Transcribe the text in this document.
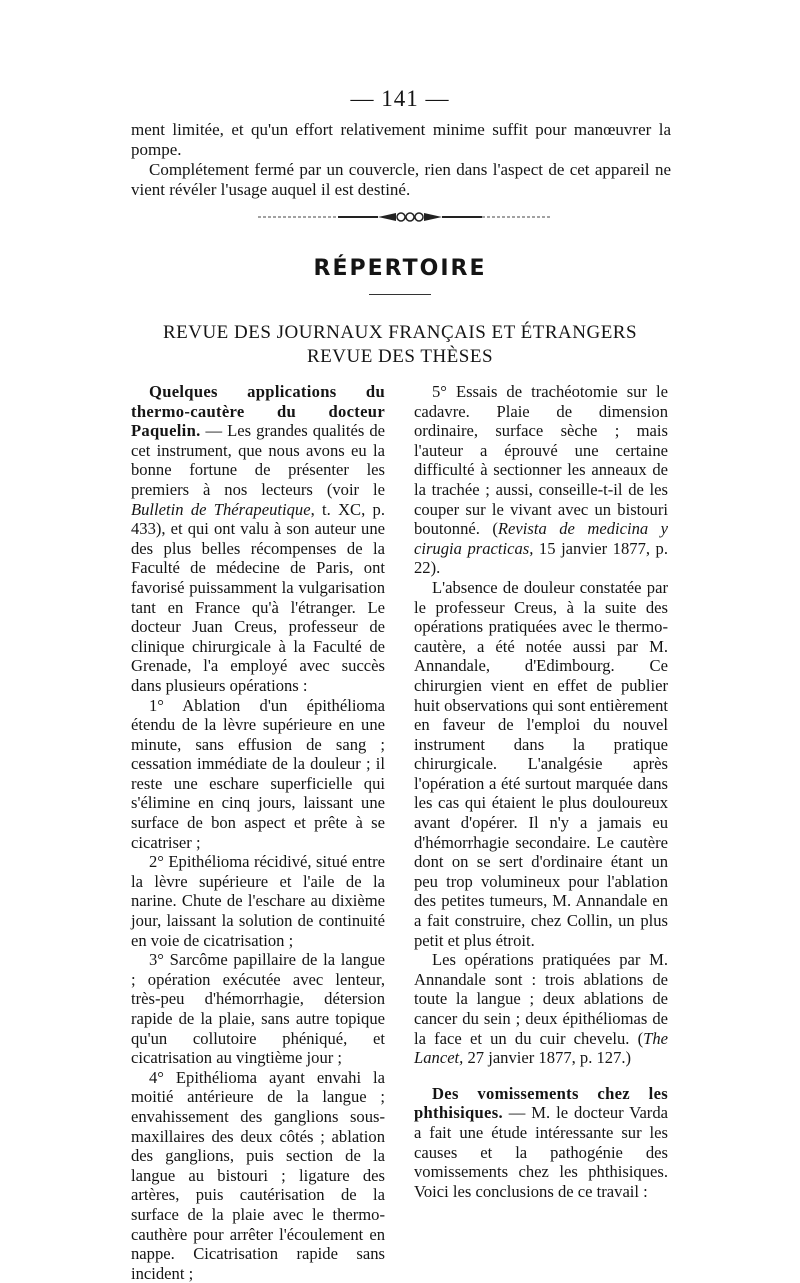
— 141 —

ment limitée, et qu'un effort relativement minime suffit pour manœuvrer la pompe.

Complétement fermé par un couvercle, rien dans l'aspect de cet appareil ne vient révéler l'usage auquel il est destiné.

RÉPERTOIRE
REVUE DES JOURNAUX FRANÇAIS ET ÉTRANGERS
REVUE DES THÈSES

Quelques applications du thermo-cautère du docteur Paquelin. — Les grandes qualités de cet instrument, que nous avons eu la bonne fortune de présenter les premiers à nos lecteurs (voir le Bulletin de Thérapeutique, t. XC, p. 433), et qui ont valu à son auteur une des plus belles récompenses de la Faculté de médecine de Paris, ont favorisé puissamment la vulgarisation tant en France qu'à l'étranger. Le docteur Juan Creus, professeur de clinique chirurgicale à la Faculté de Grenade, l'a employé avec succès dans plusieurs opérations :

1° Ablation d'un épithélioma étendu de la lèvre supérieure en une minute, sans effusion de sang ; cessation immédiate de la douleur ; il reste une eschare superficielle qui s'élimine en cinq jours, laissant une surface de bon aspect et prête à se cicatriser ;

2° Epithélioma récidivé, situé entre la lèvre supérieure et l'aile de la narine. Chute de l'eschare au dixième jour, laissant la solution de continuité en voie de cicatrisation ;

3° Sarcôme papillaire de la langue ; opération exécutée avec lenteur, très-peu d'hémorrhagie, détersion rapide de la plaie, sans autre topique qu'un collutoire phéniqué, et cicatrisation au vingtième jour ;

4° Epithélioma ayant envahi la moitié antérieure de la langue ; envahissement des ganglions sous-maxillaires des deux côtés ; ablation des ganglions, puis section de la langue au bistouri ; ligature des artères, puis cautérisation de la surface de la plaie avec le thermo-cauthère pour arrêter l'écoulement en nappe. Cicatrisation rapide sans incident ;

5° Essais de trachéotomie sur le cadavre. Plaie de dimension ordinaire, surface sèche ; mais l'auteur a éprouvé une certaine difficulté à sectionner les anneaux de la trachée ; aussi, conseille-t-il de les couper sur le vivant avec un bistouri boutonné. (Revista de medicina y cirugia practicas, 15 janvier 1877, p. 22).

L'absence de douleur constatée par le professeur Creus, à la suite des opérations pratiquées avec le thermo-cautère, a été notée aussi par M. Annandale, d'Edimbourg. Ce chirurgien vient en effet de publier huit observations qui sont entièrement en faveur de l'emploi du nouvel instrument dans la pratique chirurgicale. L'analgésie après l'opération a été surtout marquée dans les cas qui étaient le plus douloureux avant d'opérer. Il n'y a jamais eu d'hémorrhagie secondaire. Le cautère dont on se sert d'ordinaire étant un peu trop volumineux pour l'ablation des petites tumeurs, M. Annandale en a fait construire, chez Collin, un plus petit et plus étroit.

Les opérations pratiquées par M. Annandale sont : trois ablations de toute la langue ; deux ablations de cancer du sein ; deux épithéliomas de la face et un du cuir chevelu. (The Lancet, 27 janvier 1877, p. 127.)

Des vomissements chez les phthisiques. — M. le docteur Varda a fait une étude intéressante sur les causes et la pathogénie des vomissements chez les phthisiques. Voici les conclusions de ce travail :
